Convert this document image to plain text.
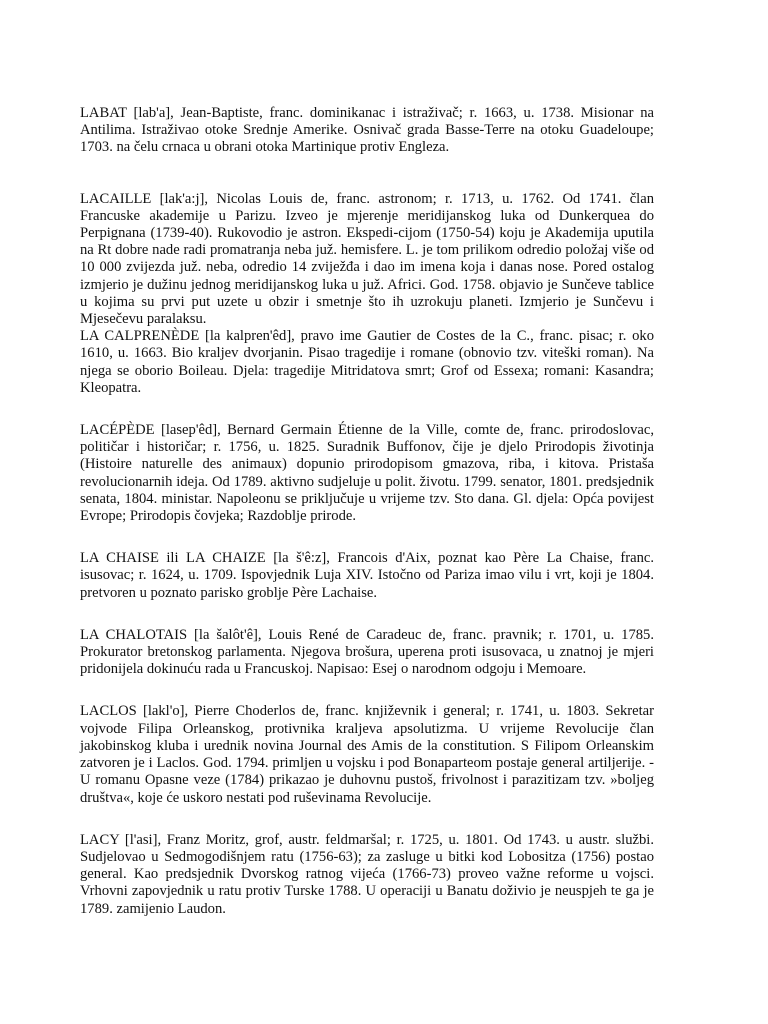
LABAT [lab'a], Jean-Baptiste, franc. dominikanac i istraživač; r. 1663, u. 1738. Misionar na Antilima. Istraživao otoke Srednje Amerike. Osnivač grada Basse-Terre na otoku Guadeloupe; 1703. na čelu crnaca u obrani otoka Martinique protiv Engleza.

LACAILLE [lak'a:j], Nicolas Louis de, franc. astronom; r. 1713, u. 1762. Od 1741. član Francuske akademije u Parizu. Izveo je mjerenje meridijanskog luka od Dunkerquea do Perpignana (1739-40). Rukovodio je astron. Ekspedi-cijom (1750-54) koju je Akademija uputila na Rt dobre nade radi promatranja neba juž. hemisfere. L. je tom prilikom odredio položaj više od 10 000 zvijezda juž. neba, odredio 14 zviježđa i dao im imena koja i danas nose. Pored ostalog izmjerio je dužinu jednog meridijanskog luka u juž. Africi. God. 1758. objavio je Sunčeve tablice u kojima su prvi put uzete u obzir i smetnje što ih uzrokuju planeti. Izmjerio je Sunčevu i Mjesečevu paralaksu.

LA CALPRENÈDE [la kalpren'êd], pravo ime Gautier de Costes de la C., franc. pisac; r. oko 1610, u. 1663. Bio kraljev dvorjanin. Pisao tragedije i romane (obnovio tzv. viteški roman). Na njega se oborio Boileau. Djela: tragedije Mitridatova smrt; Grof od Essexa; romani: Kasandra; Kleopatra.

LACÉPÈDE [lasep'êd], Bernard Germain Étienne de la Ville, comte de, franc. prirodoslovac, političar i historičar; r. 1756, u. 1825. Suradnik Buffonov, čije je djelo Prirodopis životinja (Histoire naturelle des animaux) dopunio prirodopisom gmazova, riba, i kitova. Pristaša revolucionarnih ideja. Od 1789. aktivno sudjeluje u polit. životu. 1799. senator, 1801. predsjednik senata, 1804. ministar. Napoleonu se priključuje u vrijeme tzv. Sto dana. Gl. djela: Opća povijest Evrope; Prirodopis čovjeka; Razdoblje prirode.

LA CHAISE ili LA CHAIZE [la š'ê:z], Francois d'Aix, poznat kao Père La Chaise, franc. isusovac; r. 1624, u. 1709. Ispovjednik Luja XIV. Istočno od Pariza imao vilu i vrt, koji je 1804. pretvoren u poznato parisko groblje Père Lachaise.

LA CHALOTAIS [la šalôt'ê], Louis René de Caradeuc de, franc. pravnik; r. 1701, u. 1785. Prokurator bretonskog parlamenta. Njegova brošura, uperena proti isusovaca, u znatnoj je mjeri pridonijela dokinuću rada u Francuskoj. Napisao: Esej o narodnom odgoju i Memoare.

LACLOS [lakl'o], Pierre Choderlos de, franc. književnik i general; r. 1741, u. 1803. Sekretar vojvode Filipa Orleanskog, protivnika kraljeva apsolutizma. U vrijeme Revolucije član jakobinskog kluba i urednik novina Journal des Amis de la constitution. S Filipom Orleanskim zatvoren je i Laclos. God. 1794. primljen u vojsku i pod Bonaparteom postaje general artiljerije. - U romanu Opasne veze (1784) prikazao je duhovnu pustoš, frivolnost i parazitizam tzv. »boljeg društva«, koje će uskoro nestati pod ruševinama Revolucije.

LACY [l'asi], Franz Moritz, grof, austr. feldmaršal; r. 1725, u. 1801. Od 1743. u austr. službi. Sudjelovao u Sedmogodišnjem ratu (1756-63); za zasluge u bitki kod Lobositza (1756) postao general. Kao predsjednik Dvorskog ratnog vijeća (1766-73) proveo važne reforme u vojsci. Vrhovni zapovjednik u ratu protiv Turske 1788. U operaciji u Banatu doživio je neuspjeh te ga je 1789. zamijenio Laudon.
